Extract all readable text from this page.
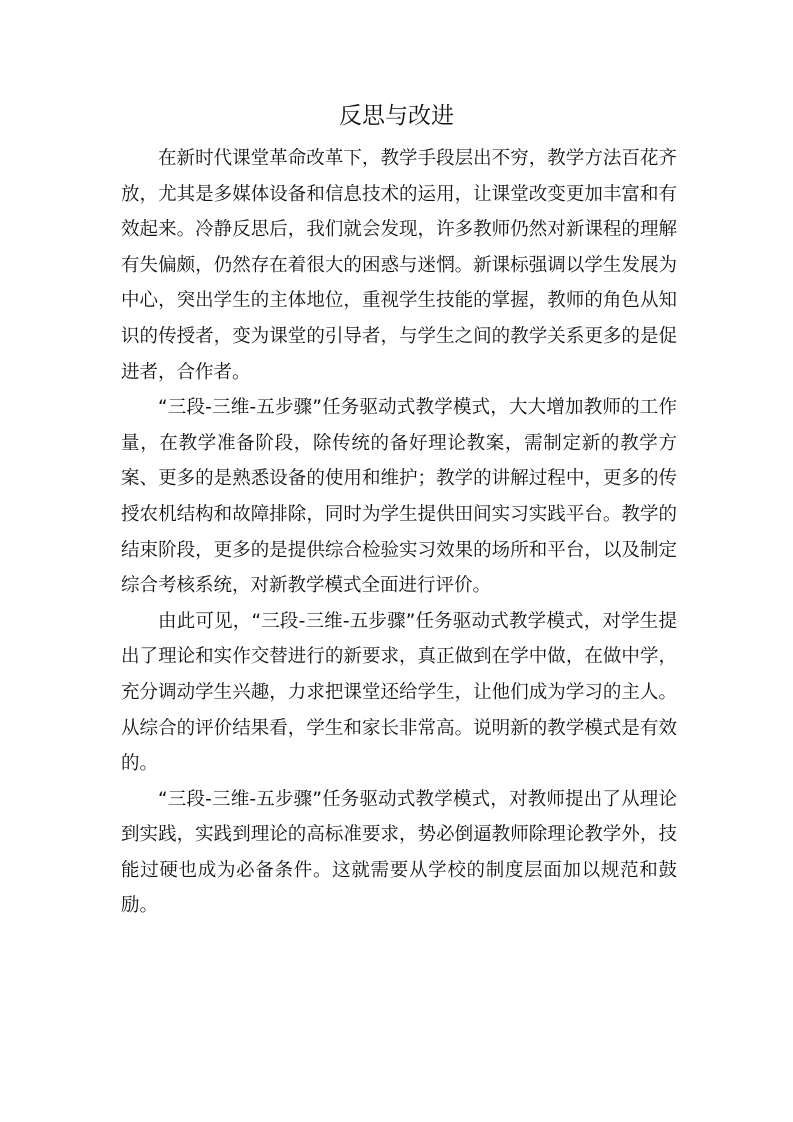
反思与改进

在新时代课堂革命改革下，教学手段层出不穷，教学方法百花齐放，尤其是多媒体设备和信息技术的运用，让课堂改变更加丰富和有效起来。冷静反思后，我们就会发现，许多教师仍然对新课程的理解有失偏颇，仍然存在着很大的困惑与迷惘。新课标强调以学生发展为中心，突出学生的主体地位，重视学生技能的掌握，教师的角色从知识的传授者，变为课堂的引导者，与学生之间的教学关系更多的是促进者，合作者。

“三段-三维-五步骤”任务驱动式教学模式，大大增加教师的工作量，在教学准备阶段，除传统的备好理论教案，需制定新的教学方案、更多的是熟悉设备的使用和维护；教学的讲解过程中，更多的传授农机结构和故障排除，同时为学生提供田间实习实践平台。教学的结束阶段，更多的是提供综合检验实习效果的场所和平台，以及制定综合考核系统，对新教学模式全面进行评价。

由此可见，“三段-三维-五步骤”任务驱动式教学模式，对学生提出了理论和实作交替进行的新要求，真正做到在学中做，在做中学，充分调动学生兴趣，力求把课堂还给学生，让他们成为学习的主人。从综合的评价结果看，学生和家长非常高。说明新的教学模式是有效的。

“三段-三维-五步骤”任务驱动式教学模式，对教师提出了从理论到实践，实践到理论的高标准要求，势必倒逼教师除理论教学外，技能过硬也成为必备条件。这就需要从学校的制度层面加以规范和鼓励。
